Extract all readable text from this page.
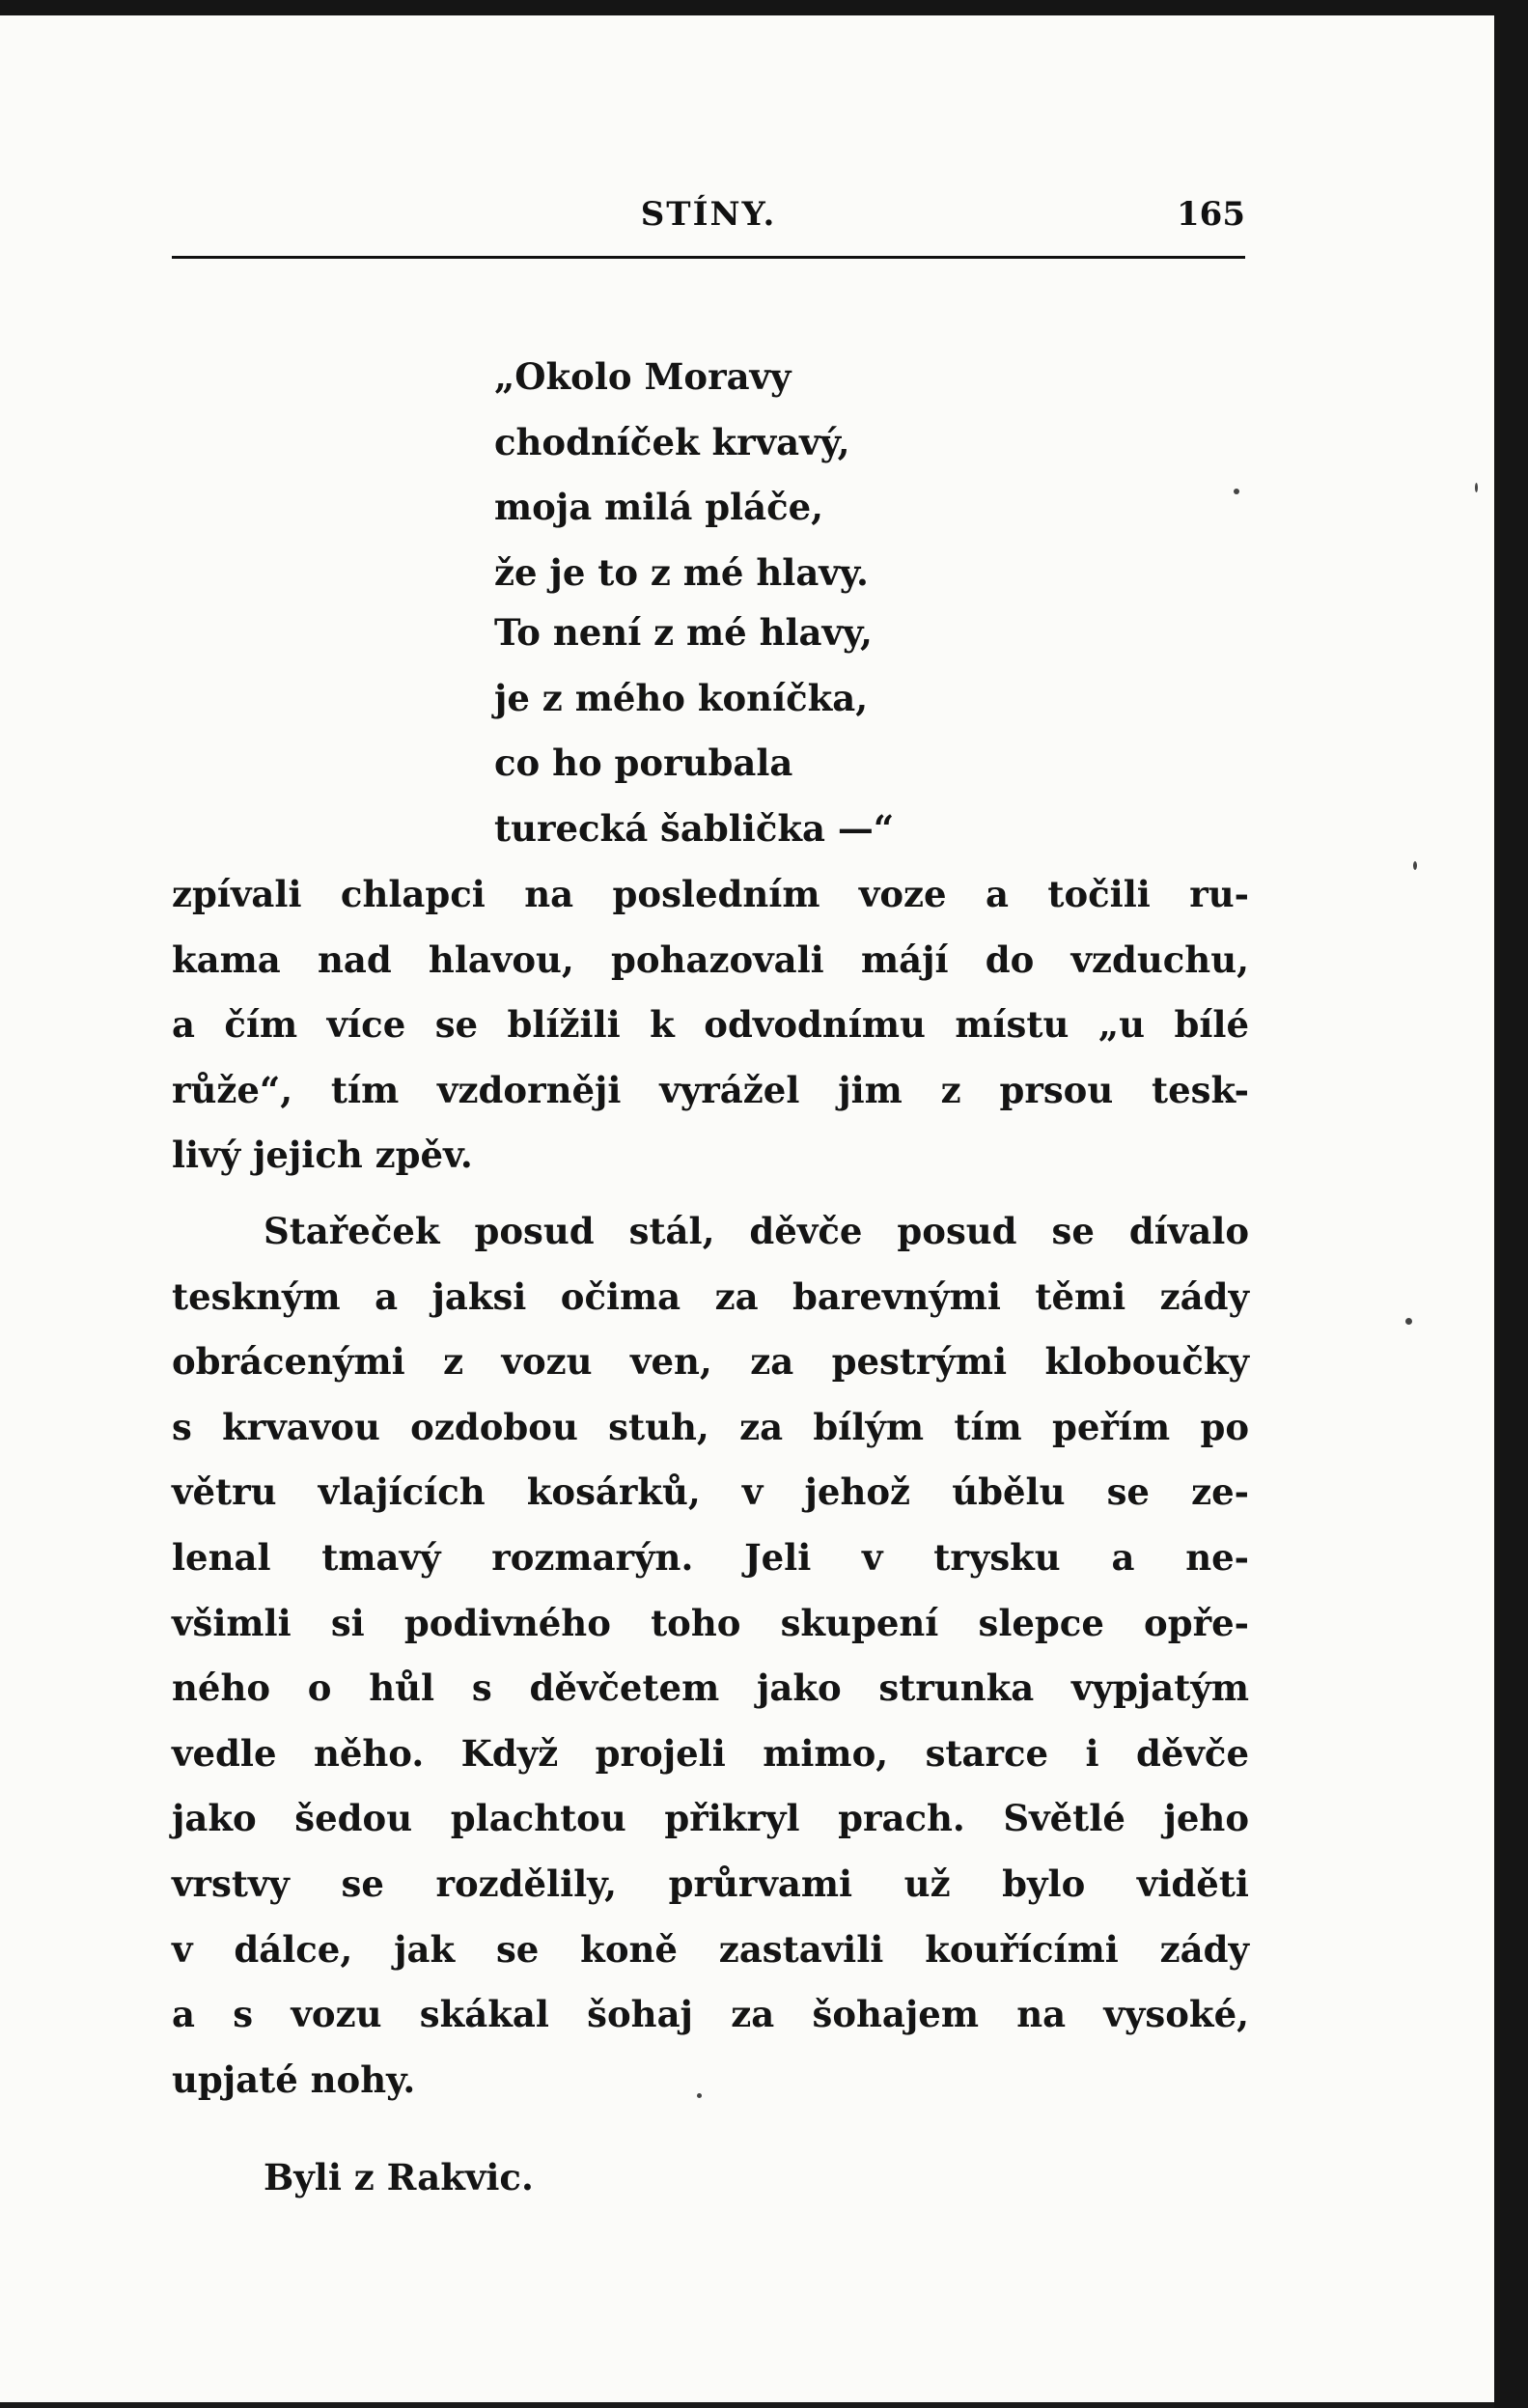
STÍNY.	165
„Okolo Moravy
chodníček krvavý,
moja milá pláče,
že je to z mé hlavy.
To není z mé hlavy,
je z mého koníčka,
co ho porubala
turecká šablička —“
zpívali chlapci na posledním voze a točili ru-
kama nad hlavou, pohazovali májí do vzduchu,
a čím více se blížili k odvodnímu místu „u bílé
růže“, tím vzdorněji vyrážel jim z prsou tesk-
livý jejich zpěv.
Stařeček posud stál, děvče posud se dívalo
teskným a jaksi očima za barevnými těmi zády
obrácenými z vozu ven, za pestrými kloboučky
s krvavou ozdobou stuh, za bílým tím peřím po
větru vlajících kosárků, v jehož úbělu se ze-
lenal tmavý rozmarýn. Jeli v trysku a ne-
všimli si podivného toho skupení slepce opře-
ného o hůl s děvčetem jako strunka vypjatým
vedle něho. Když projeli mimo, starce i děvče
jako šedou plachtou přikryl prach. Světlé jeho
vrstvy se rozdělily, průrvami už bylo viděti
v dálce, jak se koně zastavili kouřícími zády
a s vozu skákal šohaj za šohajem na vysoké,
upjaté nohy.
Byli z Rakvic.
